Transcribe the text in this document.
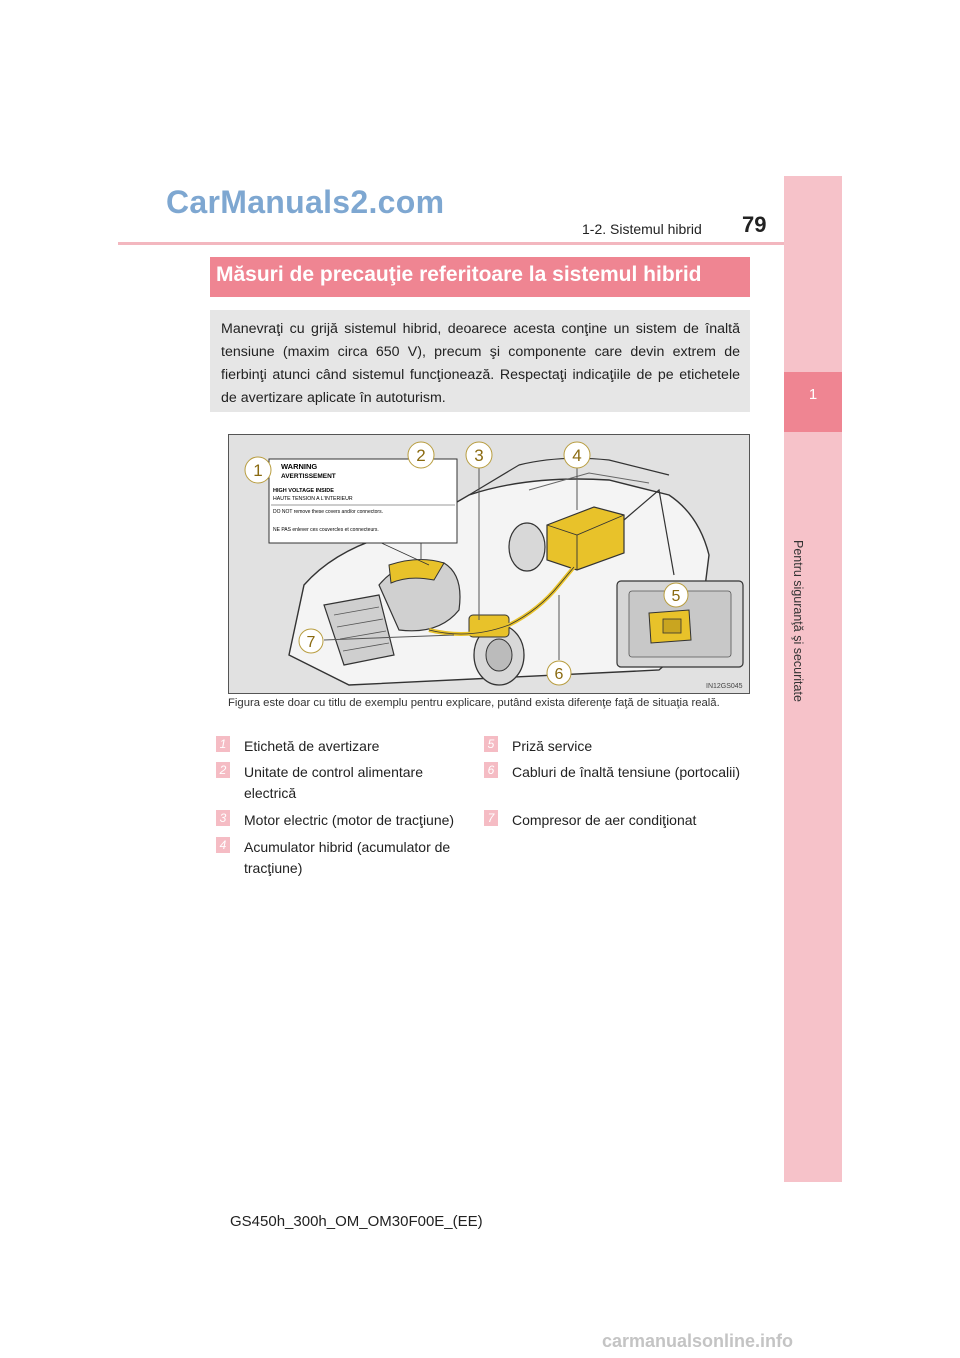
1
Pentru siguranţă şi securitate
CarManuals2.com
1-2. Sistemul hibrid 79
Măsuri de precauţie referitoare la sistemul hibrid
Manevraţi cu grijă sistemul hibrid, deoarece acesta conţine un sistem de înaltă tensiune (maxim circa 650 V), precum şi componente care devin extrem de fierbinţi atunci când sistemul funcţionează. Respectaţi indicaţiile de pe etichetele de avertizare aplicate în autoturism.
WARNING
AVERTISSEMENT
HIGH VOLTAGE INSIDE
HAUTE TENSION A L'INTERIEUR
DO NOT remove these covers and/or connectors.
NE PAS enlever ces couvercles et connecteurs.
1
2	3	4
5
6
7
IN12GS045
Figura este doar cu titlu de exemplu pentru explicare, putând exista diferenţe faţă de situaţia reală.
1 Etichetă de avertizare
2 Unitate de control alimentare electrică
3 Motor electric (motor de tracţiune)
4 Acumulator hibrid (acumulator de tracţiune)
5 Priză service
6 Cabluri de înaltă tensiune (portocalii)
7 Compresor de aer condiţionat
GS450h_300h_OM_OM30F00E_(EE)
carmanualsonline.info
